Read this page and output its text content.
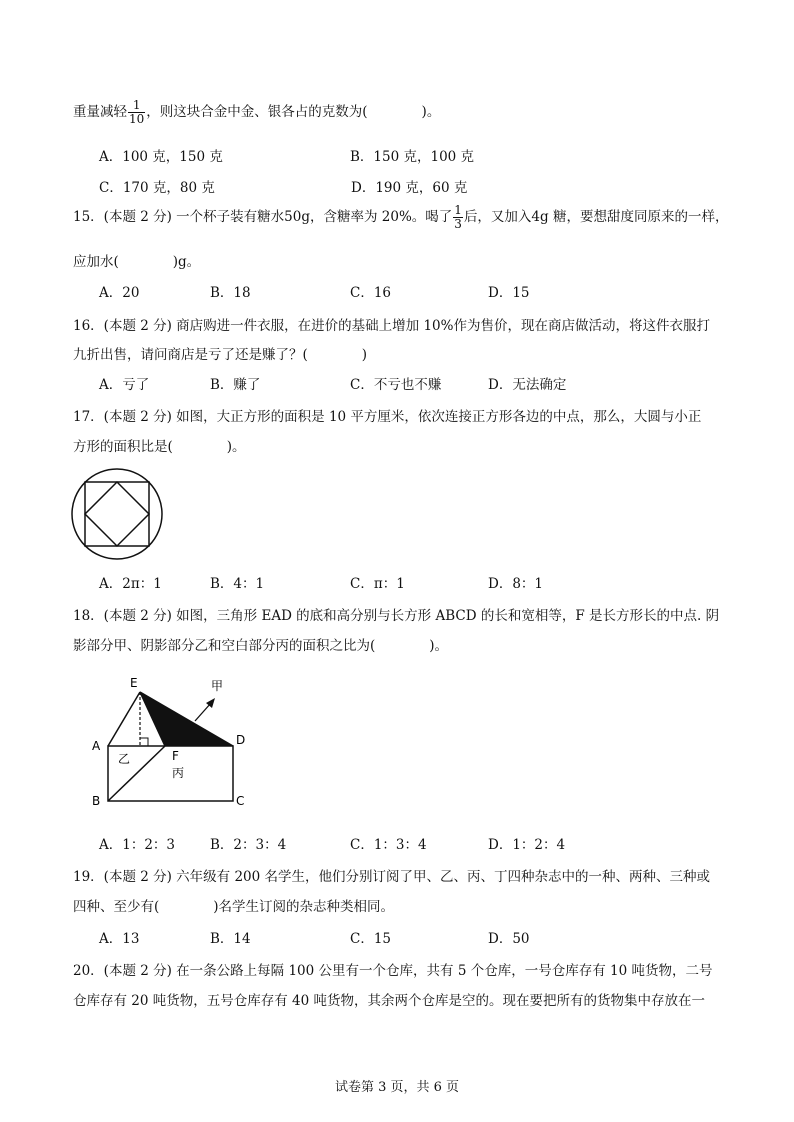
重量减轻 $\frac{1}{10}$ ，则这块合金中金、银各占的克数为(　　　　)。
A．100 克，150 克	B．150 克，100 克
C．170 克，80 克	D．190 克，60 克
15．(本题 2 分) 一个杯子装有糖水50g，含糖率为 20%。喝了 $\frac{1}{3}$ 后，又加入4g 糖，要想甜度同原来的一样，
应加水(　　　　)g。
A．20	B．18	C．16	D．15
16．(本题 2 分) 商店购进一件衣服，在进价的基础上增加 10%作为售价，现在商店做活动，将这件衣服打
九折出售，请问商店是亏了还是赚了？(　　　　)
A．亏了	B．赚了	C．不亏也不赚	D．无法确定
17．(本题 2 分) 如图，大正方形的面积是 10 平方厘米，依次连接正方形各边的中点，那么，大圆与小正
方形的面积比是(　　　　)。
A．2π：1	B．4：1	C．π：1	D．8：1
18．(本题 2 分) 如图，三角形 EAD 的底和高分别与长方形 ABCD 的长和宽相等，F 是长方形长的中点. 阴
影部分甲、阴影部分乙和空白部分丙的面积之比为(　　　　)。
E
A
B	C
D
F
甲
乙
丙
A．1：2：3	B．2：3：4	C．1：3：4	D．1：2：4
19．(本题 2 分) 六年级有 200 名学生，他们分别订阅了甲、乙、丙、丁四种杂志中的一种、两种、三种或
四种、至少有(　　　　)名学生订阅的杂志种类相同。
A．13	B．14	C．15	D．50
20．(本题 2 分) 在一条公路上每隔 100 公里有一个仓库，共有 5 个仓库，一号仓库存有 10 吨货物，二号
仓库存有 20 吨货物，五号仓库存有 40 吨货物，其余两个仓库是空的。现在要把所有的货物集中存放在一
试卷第 3 页，共 6 页
